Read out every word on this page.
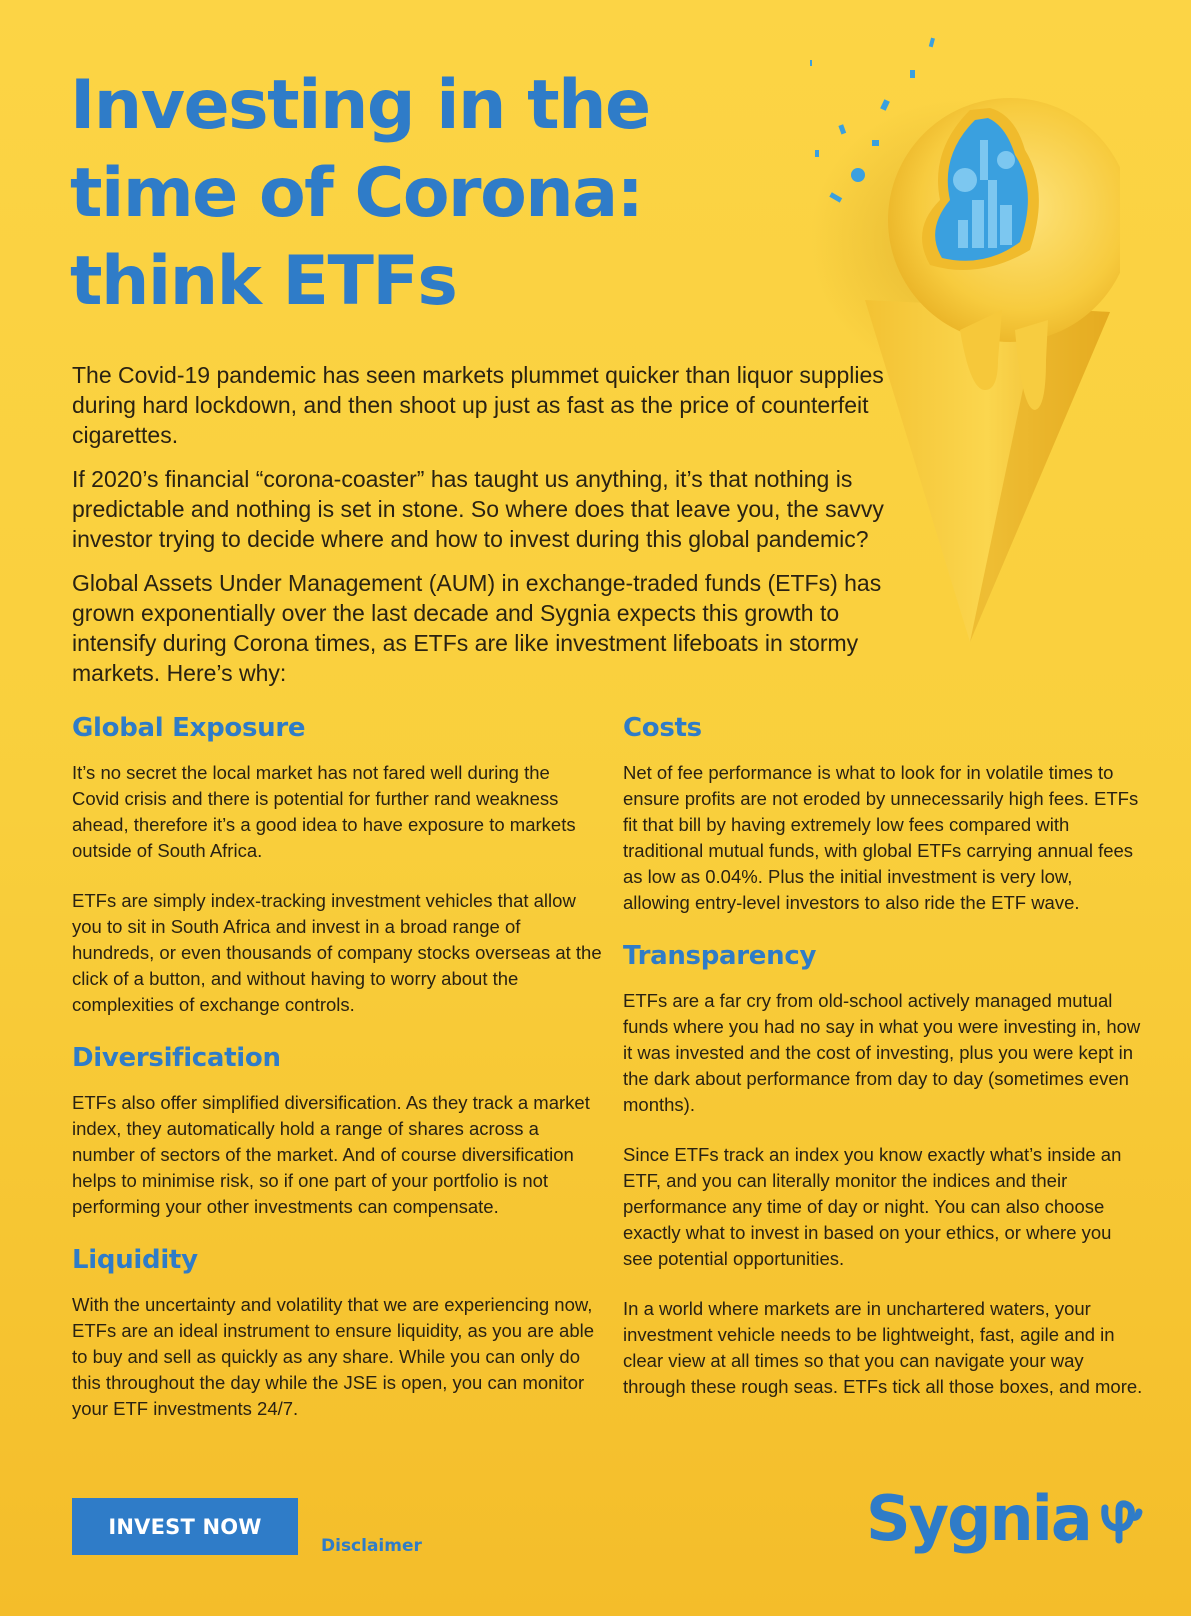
Investing in the
time of Corona:
think ETFs

The Covid-19 pandemic has seen markets plummet quicker than liquor supplies during hard lockdown, and then shoot up just as fast as the price of counterfeit cigarettes.

If 2020’s financial “corona-coaster” has taught us anything, it’s that nothing is predictable and nothing is set in stone. So where does that leave you, the savvy investor trying to decide where and how to invest during this global pandemic?

Global Assets Under Management (AUM) in exchange-traded funds (ETFs) has grown exponentially over the last decade and Sygnia expects this growth to intensify during Corona times, as ETFs are like investment lifeboats in stormy markets. Here’s why:

Global Exposure

It’s no secret the local market has not fared well during the Covid crisis and there is potential for further rand weakness ahead, therefore it’s a good idea to have exposure to markets outside of South Africa.

ETFs are simply index-tracking investment vehicles that allow you to sit in South Africa and invest in a broad range of hundreds, or even thousands of company stocks overseas at the click of a button, and without having to worry about the complexities of exchange controls.

Diversification

ETFs also offer simplified diversification. As they track a market index, they automatically hold a range of shares across a number of sectors of the market. And of course diversification helps to minimise risk, so if one part of your portfolio is not performing your other investments can compensate.

Liquidity

With the uncertainty and volatility that we are experiencing now, ETFs are an ideal instrument to ensure liquidity, as you are able to buy and sell as quickly as any share. While you can only do this throughout the day while the JSE is open, you can monitor your ETF investments 24/7.

Costs

Net of fee performance is what to look for in volatile times to ensure profits are not eroded by unnecessarily high fees. ETFs fit that bill by having extremely low fees compared with traditional mutual funds, with global ETFs carrying annual fees as low as 0.04%. Plus the initial investment is very low, allowing entry-level investors to also ride the ETF wave.

Transparency

ETFs are a far cry from old-school actively managed mutual funds where you had no say in what you were investing in, how it was invested and the cost of investing, plus you were kept in the dark about performance from day to day (sometimes even months).

Since ETFs track an index you know exactly what’s inside an ETF, and you can literally monitor the indices and their performance any time of day or night. You can also choose exactly what to invest in based on your ethics, or where you see potential opportunities.

In a world where markets are in unchartered waters, your investment vehicle needs to be lightweight, fast, agile and in clear view at all times so that you can navigate your way through these rough seas. ETFs tick all those boxes, and more.

INVEST NOW
Disclaimer	Sygnia
